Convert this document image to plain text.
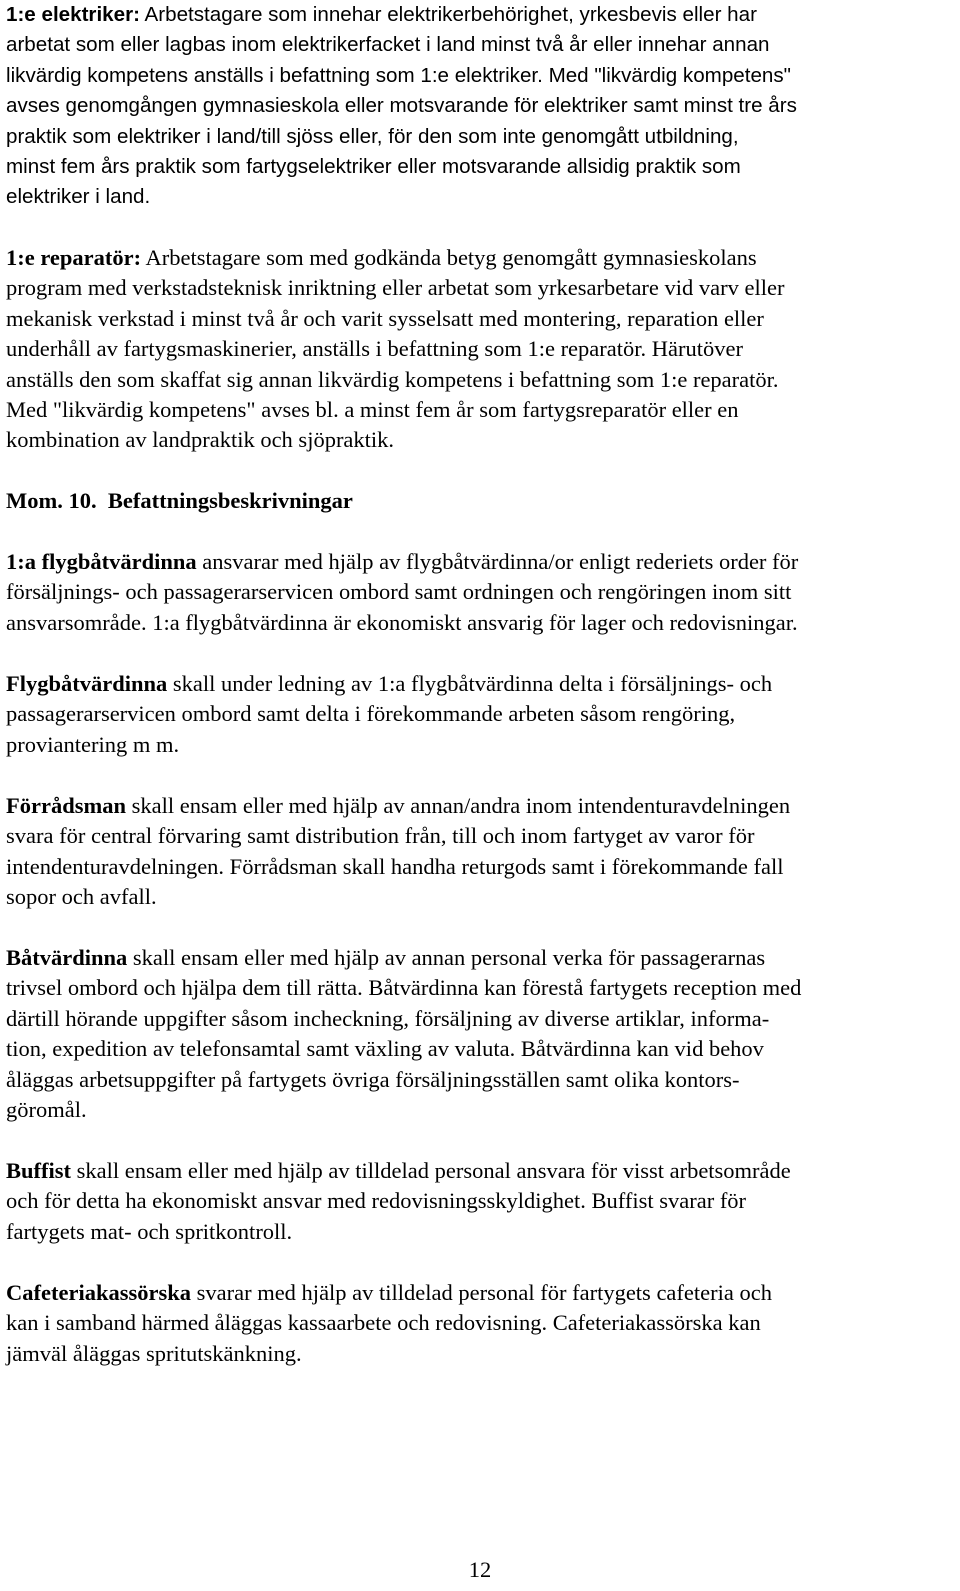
1:e elektriker: Arbetstagare som innehar elektrikerbehörighet, yrkesbevis eller har
arbetat som eller lagbas inom elektrikerfacket i land minst två år eller innehar annan
likvärdig kompetens anställs i befattning som 1:e elektriker. Med "likvärdig kompetens"
avses genomgången gymnasieskola eller motsvarande för elektriker samt minst tre års
praktik som elektriker i land/till sjöss eller, för den som inte genomgått utbildning,
minst fem års praktik som fartygselektriker eller motsvarande allsidig praktik som
elektriker i land.

1:e reparatör: Arbetstagare som med godkända betyg genomgått gymnasieskolans
program med verkstadsteknisk inriktning eller arbetat som yrkesarbetare vid varv eller
mekanisk verkstad i minst två år och varit sysselsatt med montering, reparation eller
underhåll av fartygsmaskinerier, anställs i befattning som 1:e reparatör. Härutöver
anställs den som skaffat sig annan likvärdig kompetens i befattning som 1:e reparatör.
Med "likvärdig kompetens" avses bl. a minst fem år som fartygsreparatör eller en
kombination av landpraktik och sjöpraktik.

Mom. 10.  Befattningsbeskrivningar

1:a flygbåtvärdinna ansvarar med hjälp av flygbåtvärdinna/or enligt rederiets order för
försäljnings- och passagerarservicen ombord samt ordningen och rengöringen inom sitt
ansvarsområde. 1:a flygbåtvärdinna är ekonomiskt ansvarig för lager och redovisningar.

Flygbåtvärdinna skall under ledning av 1:a flygbåtvärdinna delta i försäljnings- och
passagerarservicen ombord samt delta i förekommande arbeten såsom rengöring,
proviantering m m.

Förrådsman skall ensam eller med hjälp av annan/andra inom intendenturavdelningen
svara för central förvaring samt distribution från, till och inom fartyget av varor för
intendenturavdelningen. Förrådsman skall handha returgods samt i förekommande fall
sopor och avfall.

Båtvärdinna skall ensam eller med hjälp av annan personal verka för passagerarnas
trivsel ombord och hjälpa dem till rätta. Båtvärdinna kan förestå fartygets reception med
därtill hörande uppgifter såsom incheckning, försäljning av diverse artiklar, informa-
tion, expedition av telefonsamtal samt växling av valuta. Båtvärdinna kan vid behov
åläggas arbetsuppgifter på fartygets övriga försäljningsställen samt olika kontors-
göromål.

Buffist skall ensam eller med hjälp av tilldelad personal ansvara för visst arbetsområde
och för detta ha ekonomiskt ansvar med redovisningsskyldighet. Buffist svarar för
fartygets mat- och spritkontroll.

Cafeteriakassörska svarar med hjälp av tilldelad personal för fartygets cafeteria och
kan i samband härmed åläggas kassaarbete och redovisning. Cafeteriakassörska kan
jämväl åläggas spritutskänkning.

12
